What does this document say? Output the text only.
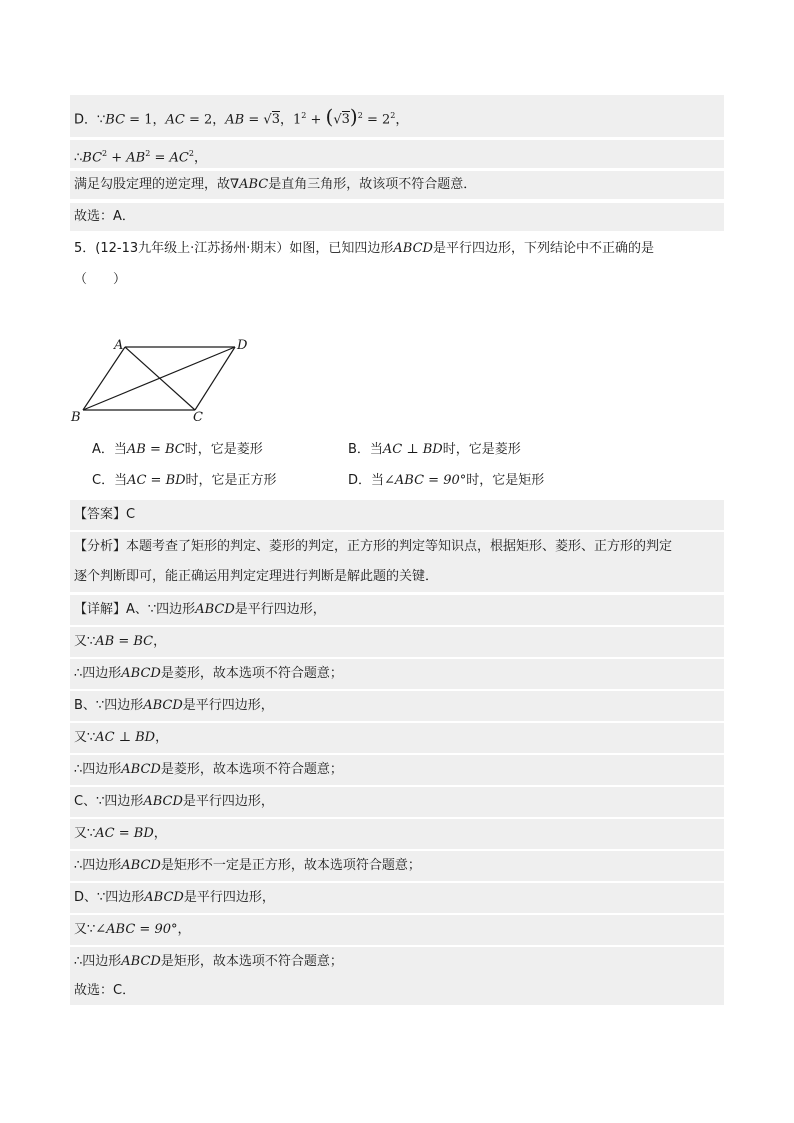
D．∵BC = 1，AC = 2，AB = √3，$1^2 + (√3)^2 = 2^2$，
$\therefore BC^2 + AB^2 = AC^2$，
满足勾股定理的逆定理，故∇ABC是直角三角形，故该项不符合题意．
故选：A．
5．(12-13九年级上·江苏扬州·期末）如图，已知四边形ABCD是平行四边形，下列结论中不正确的是
（　　）
A	D
B	C
A．当AB = BC时，它是菱形	B．当AC ⊥ BD时，它是菱形
C．当AC = BD时，它是正方形	D．当∠ABC = 90°时，它是矩形
【答案】C
【分析】本题考查了矩形的判定、菱形的判定，正方形的判定等知识点，根据矩形、菱形、正方形的判定
逐个判断即可，能正确运用判定定理进行判断是解此题的关键．
【详解】A、∵四边形ABCD是平行四边形，
又∵AB = BC，
∴四边形ABCD是菱形，故本选项不符合题意；
B、∵四边形ABCD是平行四边形，
又∵AC ⊥ BD，
∴四边形ABCD是菱形，故本选项不符合题意；
C、∵四边形ABCD是平行四边形，
又∵AC = BD，
∴四边形ABCD是矩形不一定是正方形，故本选项符合题意；
D、∵四边形ABCD是平行四边形，
又∵∠ABC = 90°，
∴四边形ABCD是矩形，故本选项不符合题意；
故选：C．
